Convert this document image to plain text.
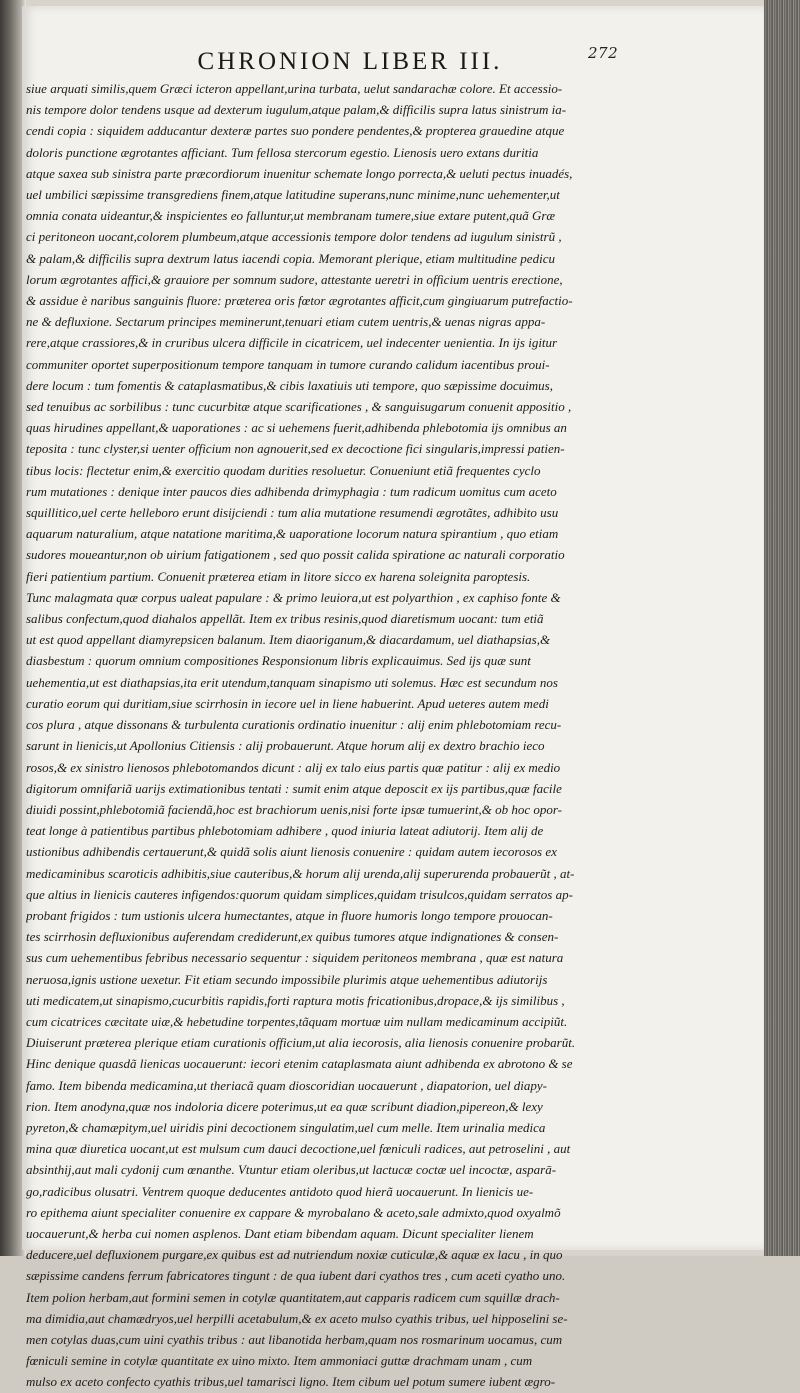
CHRONION LIBER III.	272
siue arquati similis,quem Græci icteron appellant,urina turbata, uelut sandarachæ colore. Et accessio-
nis tempore dolor tendens usque ad dexterum iugulum,atque palam,& difficilis supra latus sinistrum ia-
cendi copia : siquidem adducantur dexteræ partes suo pondere pendentes,& propterea grauedine atque
doloris punctione ægrotantes afficiant. Tum fellosa stercorum egestio. Lienosis uero extans duritia
atque saxea sub sinistra parte præcordiorum inuenitur schemate longo porrecta,& ueluti pectus inuadés,
uel umbilici sæpissime transgrediens finem,atque latitudine superans,nunc minime,nunc uehementer,ut
omnia conata uideantur,& inspicientes eo falluntur,ut membranam tumere,siue extare putent,quã Græ
ci peritoneon uocant,colorem plumbeum,atque accessionis tempore dolor tendens ad iugulum sinistrũ ,
& palam,& difficilis supra dextrum latus iacendi copia. Memorant plerique, etiam multitudine pedicu
lorum ægrotantes affici,& grauiore per somnum sudore, attestante ueretri in officium uentris erectione,
& assidue è naribus sanguinis fluore: præterea oris fœtor ægrotantes afficit,cum gingiuarum putrefactio-
ne & defluxione. Sectarum principes meminerunt,tenuari etiam cutem uentris,& uenas nigras appa-
rere,atque crassiores,& in cruribus ulcera difficile in cicatricem, uel indecenter uenientia. In ijs igitur
communiter oportet superpositionum tempore tanquam in tumore curando calidum iacentibus proui-
dere locum : tum fomentis & cataplasmatibus,& cibis laxatiuis uti tempore, quo sæpissime docuimus,
sed tenuibus ac sorbilibus : tunc cucurbitæ atque scarificationes , & sanguisugarum conuenit appositio ,
quas hirudines appellant,& uaporationes : ac si uehemens fuerit,adhibenda phlebotomia ijs omnibus an
teposita : tunc clyster,si uenter officium non agnouerit,sed ex decoctione fici singularis,impressi patien-
tibus locis: flectetur enim,& exercitio quodam durities resoluetur. Conueniunt etiã frequentes cyclo
rum mutationes : denique inter paucos dies adhibenda drimyphagia : tum radicum uomitus cum aceto
squillitico,uel certe helleboro erunt disijciendi : tum alia mutatione resumendi ægrotãtes, adhibito usu
aquarum naturalium, atque natatione maritima,& uaporatione locorum natura spirantium , quo etiam
sudores moueantur,non ob uirium fatigationem , sed quo possit calida spiratione ac naturali corporatio
fieri patientium partium. Conuenit præterea etiam in litore sicco ex harena soleignita paroptesis.
Tunc malagmata quæ corpus ualeat papulare : & primo leuiora,ut est polyarthion , ex caphiso fonte &
salibus confectum,quod diahalos appellãt. Item ex tribus resinis,quod diaretismum uocant: tum etiã
ut est quod appellant diamyrepsicen balanum. Item diaoriganum,& diacardamum, uel diathapsias,&
diasbestum : quorum omnium compositiones Responsionum libris explicauimus. Sed ijs quæ sunt
uehementia,ut est diathapsias,ita erit utendum,tanquam sinapismo uti solemus. Hæc est secundum nos
curatio eorum qui duritiam,siue scirrhosin in iecore uel in liene habuerint. Apud ueteres autem medi
cos plura , atque dissonans & turbulenta curationis ordinatio inuenitur : alij enim phlebotomiam recu-
sarunt in lienicis,ut Apollonius Citiensis : alij probauerunt. Atque horum alij ex dextro brachio ieco
rosos,& ex sinistro lienosos phlebotomandos dicunt : alij ex talo eius partis quæ patitur : alij ex medio
digitorum omnifariã uarijs extimationibus tentati : sumit enim atque deposcit ex ijs partibus,quæ facile
diuidi possint,phlebotomiã faciendã,hoc est brachiorum uenis,nisi forte ipsæ tumuerint,& ob hoc opor-
teat longe à patientibus partibus phlebotomiam adhibere , quod iniuria lateat adiutorij. Item alij de
ustionibus adhibendis certauerunt,& quidã solis aiunt lienosis conuenire : quidam autem iecorosos ex
medicaminibus scaroticis adhibitis,siue cauteribus,& horum alij urenda,alij superurenda probauerũt , at-
que altius in lienicis cauteres infigendos:quorum quidam simplices,quidam trisulcos,quidam serratos ap-
probant frigidos : tum ustionis ulcera humectantes, atque in fluore humoris longo tempore prouocan-
tes scirrhosin defluxionibus auferendam crediderunt,ex quibus tumores atque indignationes & consen-
sus cum uehementibus febribus necessario sequentur : siquidem peritoneos membrana , quæ est natura
neruosa,ignis ustione uexetur. Fit etiam secundo impossibile plurimis atque uehementibus adiutorijs
uti medicatem,ut sinapismo,cucurbitis rapidis,forti raptura motis fricationibus,dropace,& ijs similibus ,
cum cicatrices cæcitate uiæ,& hebetudine torpentes,tãquam mortuæ uim nullam medicaminum accipiũt.
Diuiserunt præterea plerique etiam curationis officium,ut alia iecorosis, alia lienosis conuenire probarũt.
Hinc denique quasdã lienicas uocauerunt: iecori etenim cataplasmata aiunt adhibenda ex abrotono & se
famo. Item bibenda medicamina,ut theriacã quam dioscoridian uocauerunt , diapatorion, uel diapy-
rion. Item anodyna,quæ nos indoloria dicere poterimus,ut ea quæ scribunt diadion,pipereon,& lexy
pyreton,& chamæpitym,uel uiridis pini decoctionem singulatim,uel cum melle. Item urinalia medica
mina quæ diuretica uocant,ut est mulsum cum dauci decoctione,uel fœniculi radices, aut petroselini , aut
absinthij,aut mali cydonij cum œnanthe. Vtuntur etiam oleribus,ut lactucæ coctæ uel incoctæ, asparā-
go,radicibus olusatri. Ventrem quoque deducentes antidoto quod hierã uocauerunt. In lienicis ue-
ro epithema aiunt specialiter conuenire ex cappare & myrobalano & aceto,sale admixto,quod oxyalmõ
uocauerunt,& herba cui nomen asplenos. Dant etiam bibendam aquam. Dicunt specialiter lienem
deducere,uel defluxionem purgare,ex quibus est ad nutriendum noxiæ cuticulæ,& aquæ ex lacu , in quo
sæpissime candens ferrum fabricatores tingunt : de qua iubent dari cyathos tres , cum aceti cyatho uno.
Item polion herbam,aut formini semen in cotylæ quantitatem,aut capparis radicem cum squillæ drach-
ma dimidia,aut chamædryos,uel herpilli acetabulum,& ex aceto mulso cyathis tribus, uel hipposelini se-
men cotylas duas,cum uini cyathis tribus : aut libanotida herbam,quam nos rosmarinum uocamus, cum
fœniculi semine in cotylæ quantitate ex uino mixto. Item ammoniaci guttæ drachmam unam , cum
mulso ex aceto confecto cyathis tribus,uel tamarisci ligno. Item cibum uel potum sumere iubent ægro-
